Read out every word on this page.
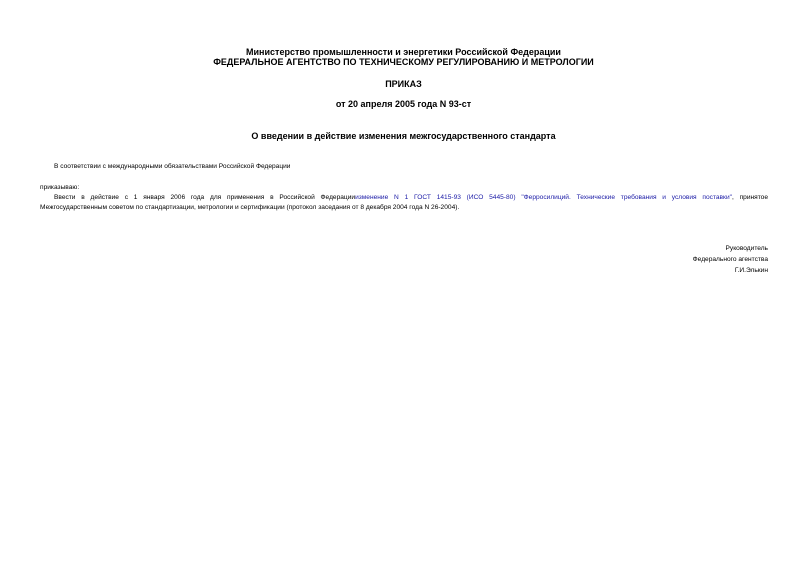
Министерство промышленности и энергетики Российской Федерации
ФЕДЕРАЛЬНОЕ АГЕНТСТВО ПО ТЕХНИЧЕСКОМУ РЕГУЛИРОВАНИЮ И МЕТРОЛОГИИ
ПРИКАЗ
от 20 апреля 2005 года N 93-ст
О введении в действие изменения межгосударственного стандарта
В соответствии с международными обязательствами Российской Федерации
приказываю:
Ввести в действие с 1 января 2006 года для применения в Российской Федерацииизменение N 1 ГОСТ 1415-93 (ИСО 5445-80) "Ферросилиций. Технические требования и условия поставки", принятое
Межгосударственным советом по стандартизации, метрологии и сертификации (протокол заседания от 8 декабря 2004 года N 26-2004).
Руководитель
Федерального агентства
Г.И.Элькин
